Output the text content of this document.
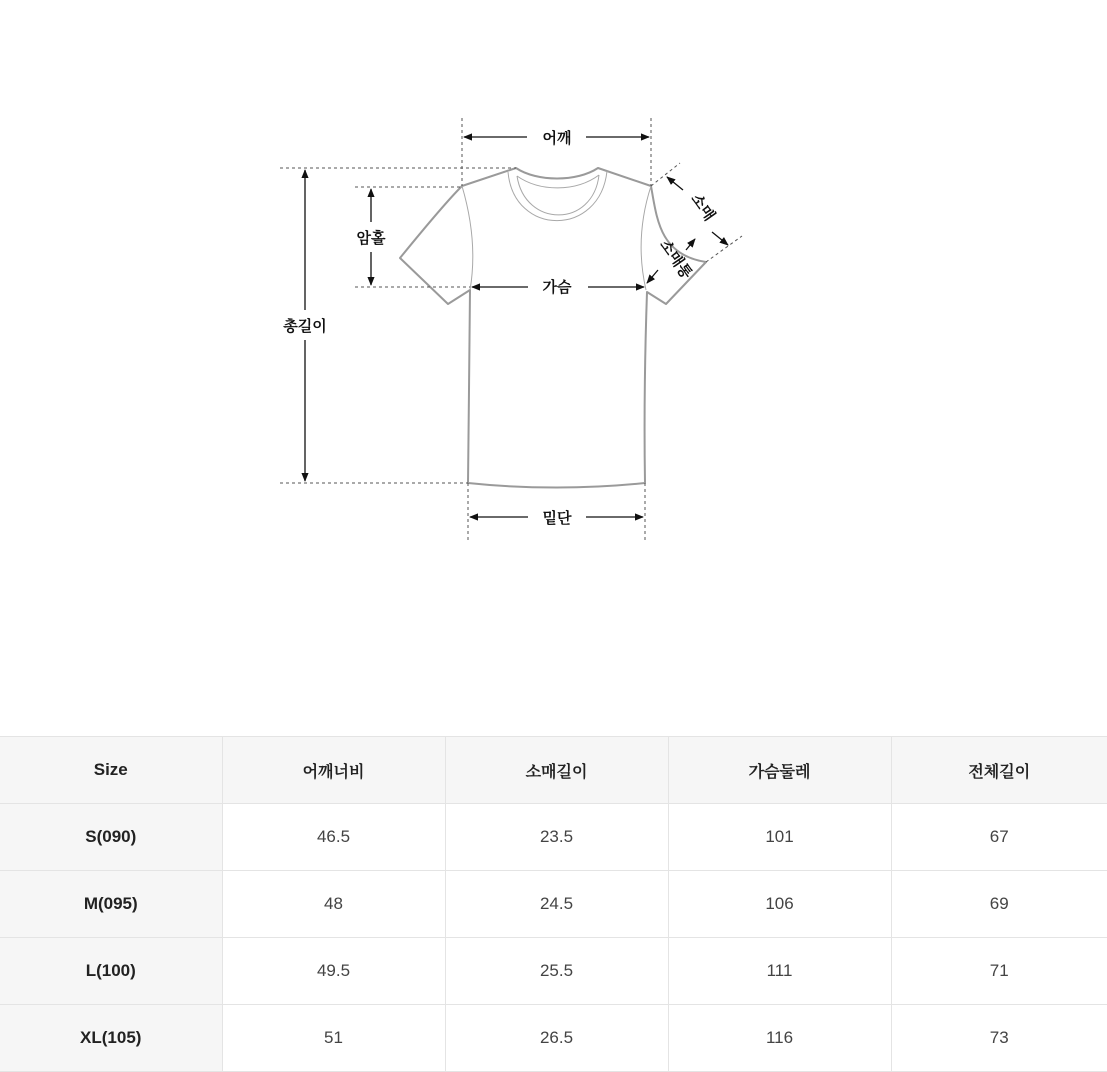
어깨
암홀
총길이
가슴
밑단
소매
소매통
Size	어깨너비	소매길이	가슴둘레	전체길이
S(090)	46.5	23.5	101	67
M(095)	48	24.5	106	69
L(100)	49.5	25.5	111	71
XL(105)	51	26.5	116	73
